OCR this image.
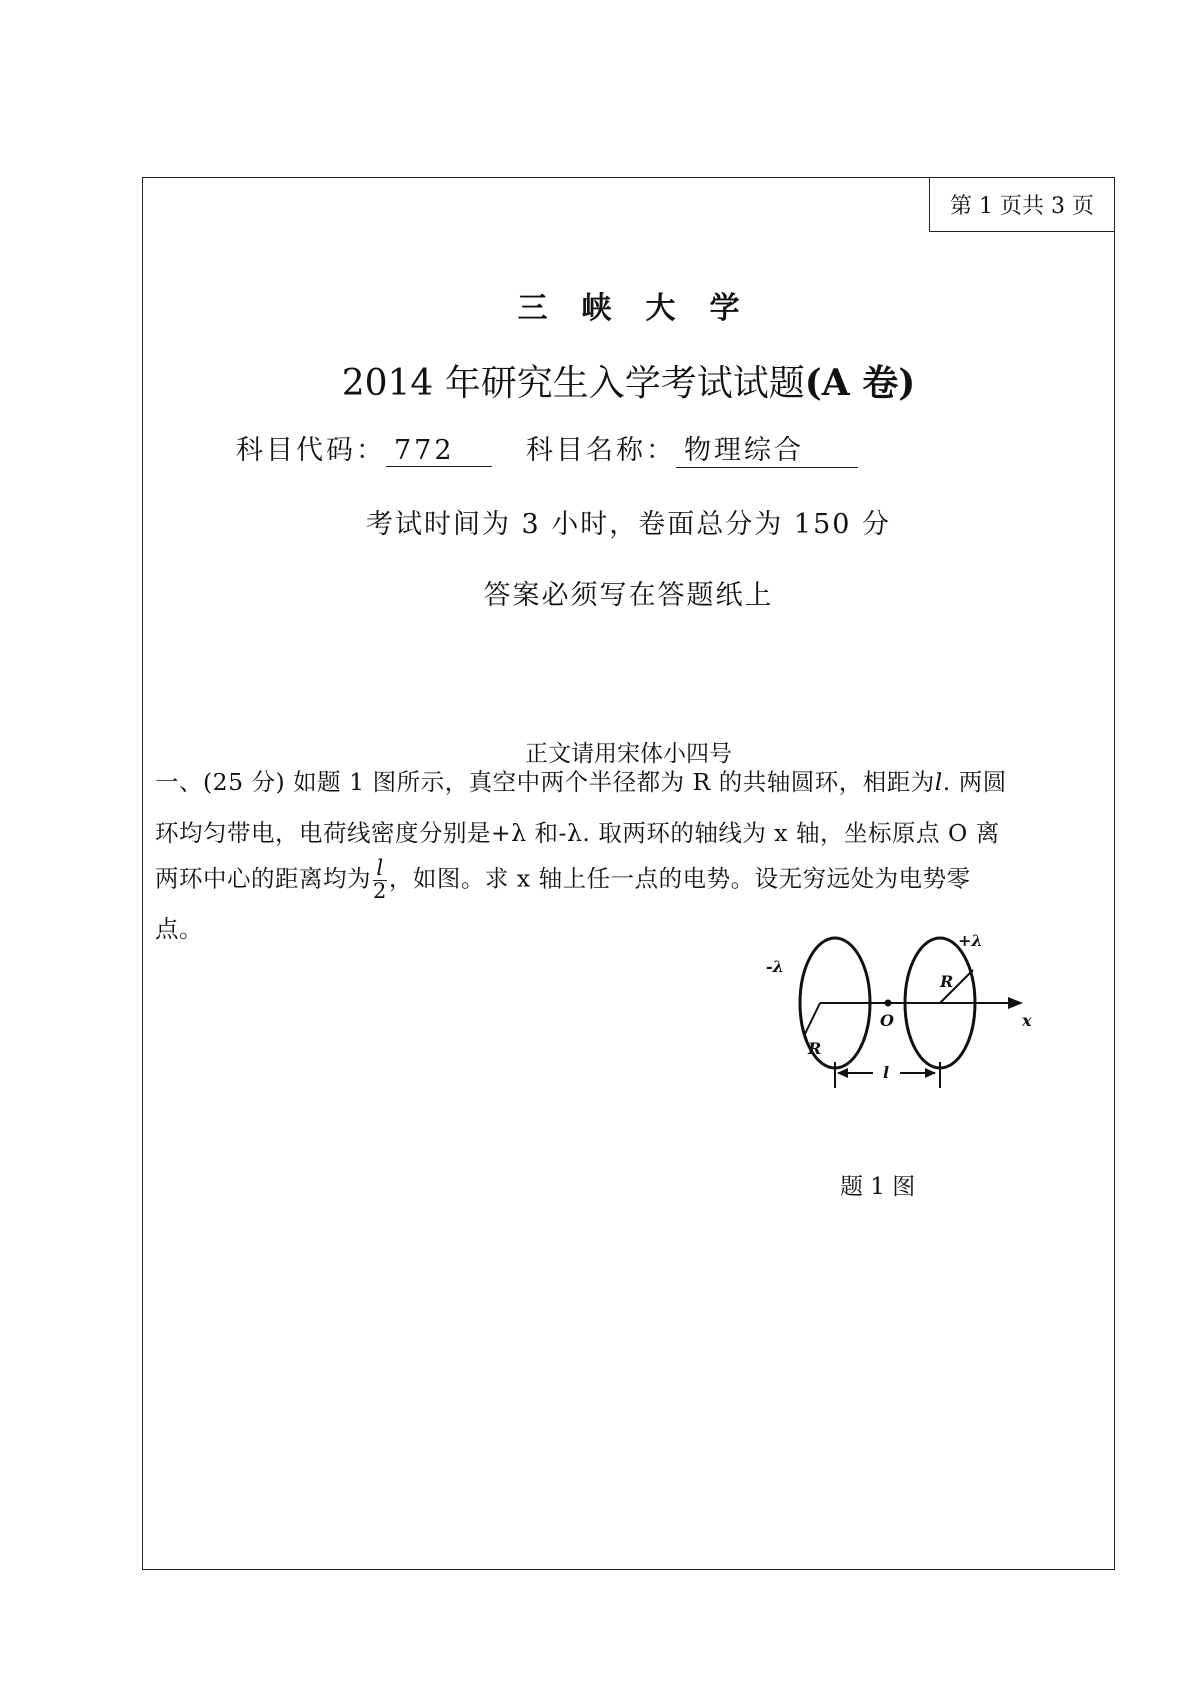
第 1 页共 3 页
三峡大学
2014 年研究生入学考试试题(A 卷)
科目代码： 772	科目名称： 物理综合
考试时间为 3 小时，卷面总分为 150 分
答案必须写在答题纸上
正文请用宋体小四号
一、(25 分) 如题 1 图所示，真空中两个半径都为 R 的共轴圆环，相距为l. 两圆
环均匀带电，电荷线密度分别是+λ 和-λ. 取两环的轴线为 x 轴，坐标原点 O 离
两环中心的距离均为 $\frac{l}{2}$ ，如图。求 x 轴上任一点的电势。设无穷远处为电势零
点。
-λ
+λ
R
R
O	x
l
题 1 图
